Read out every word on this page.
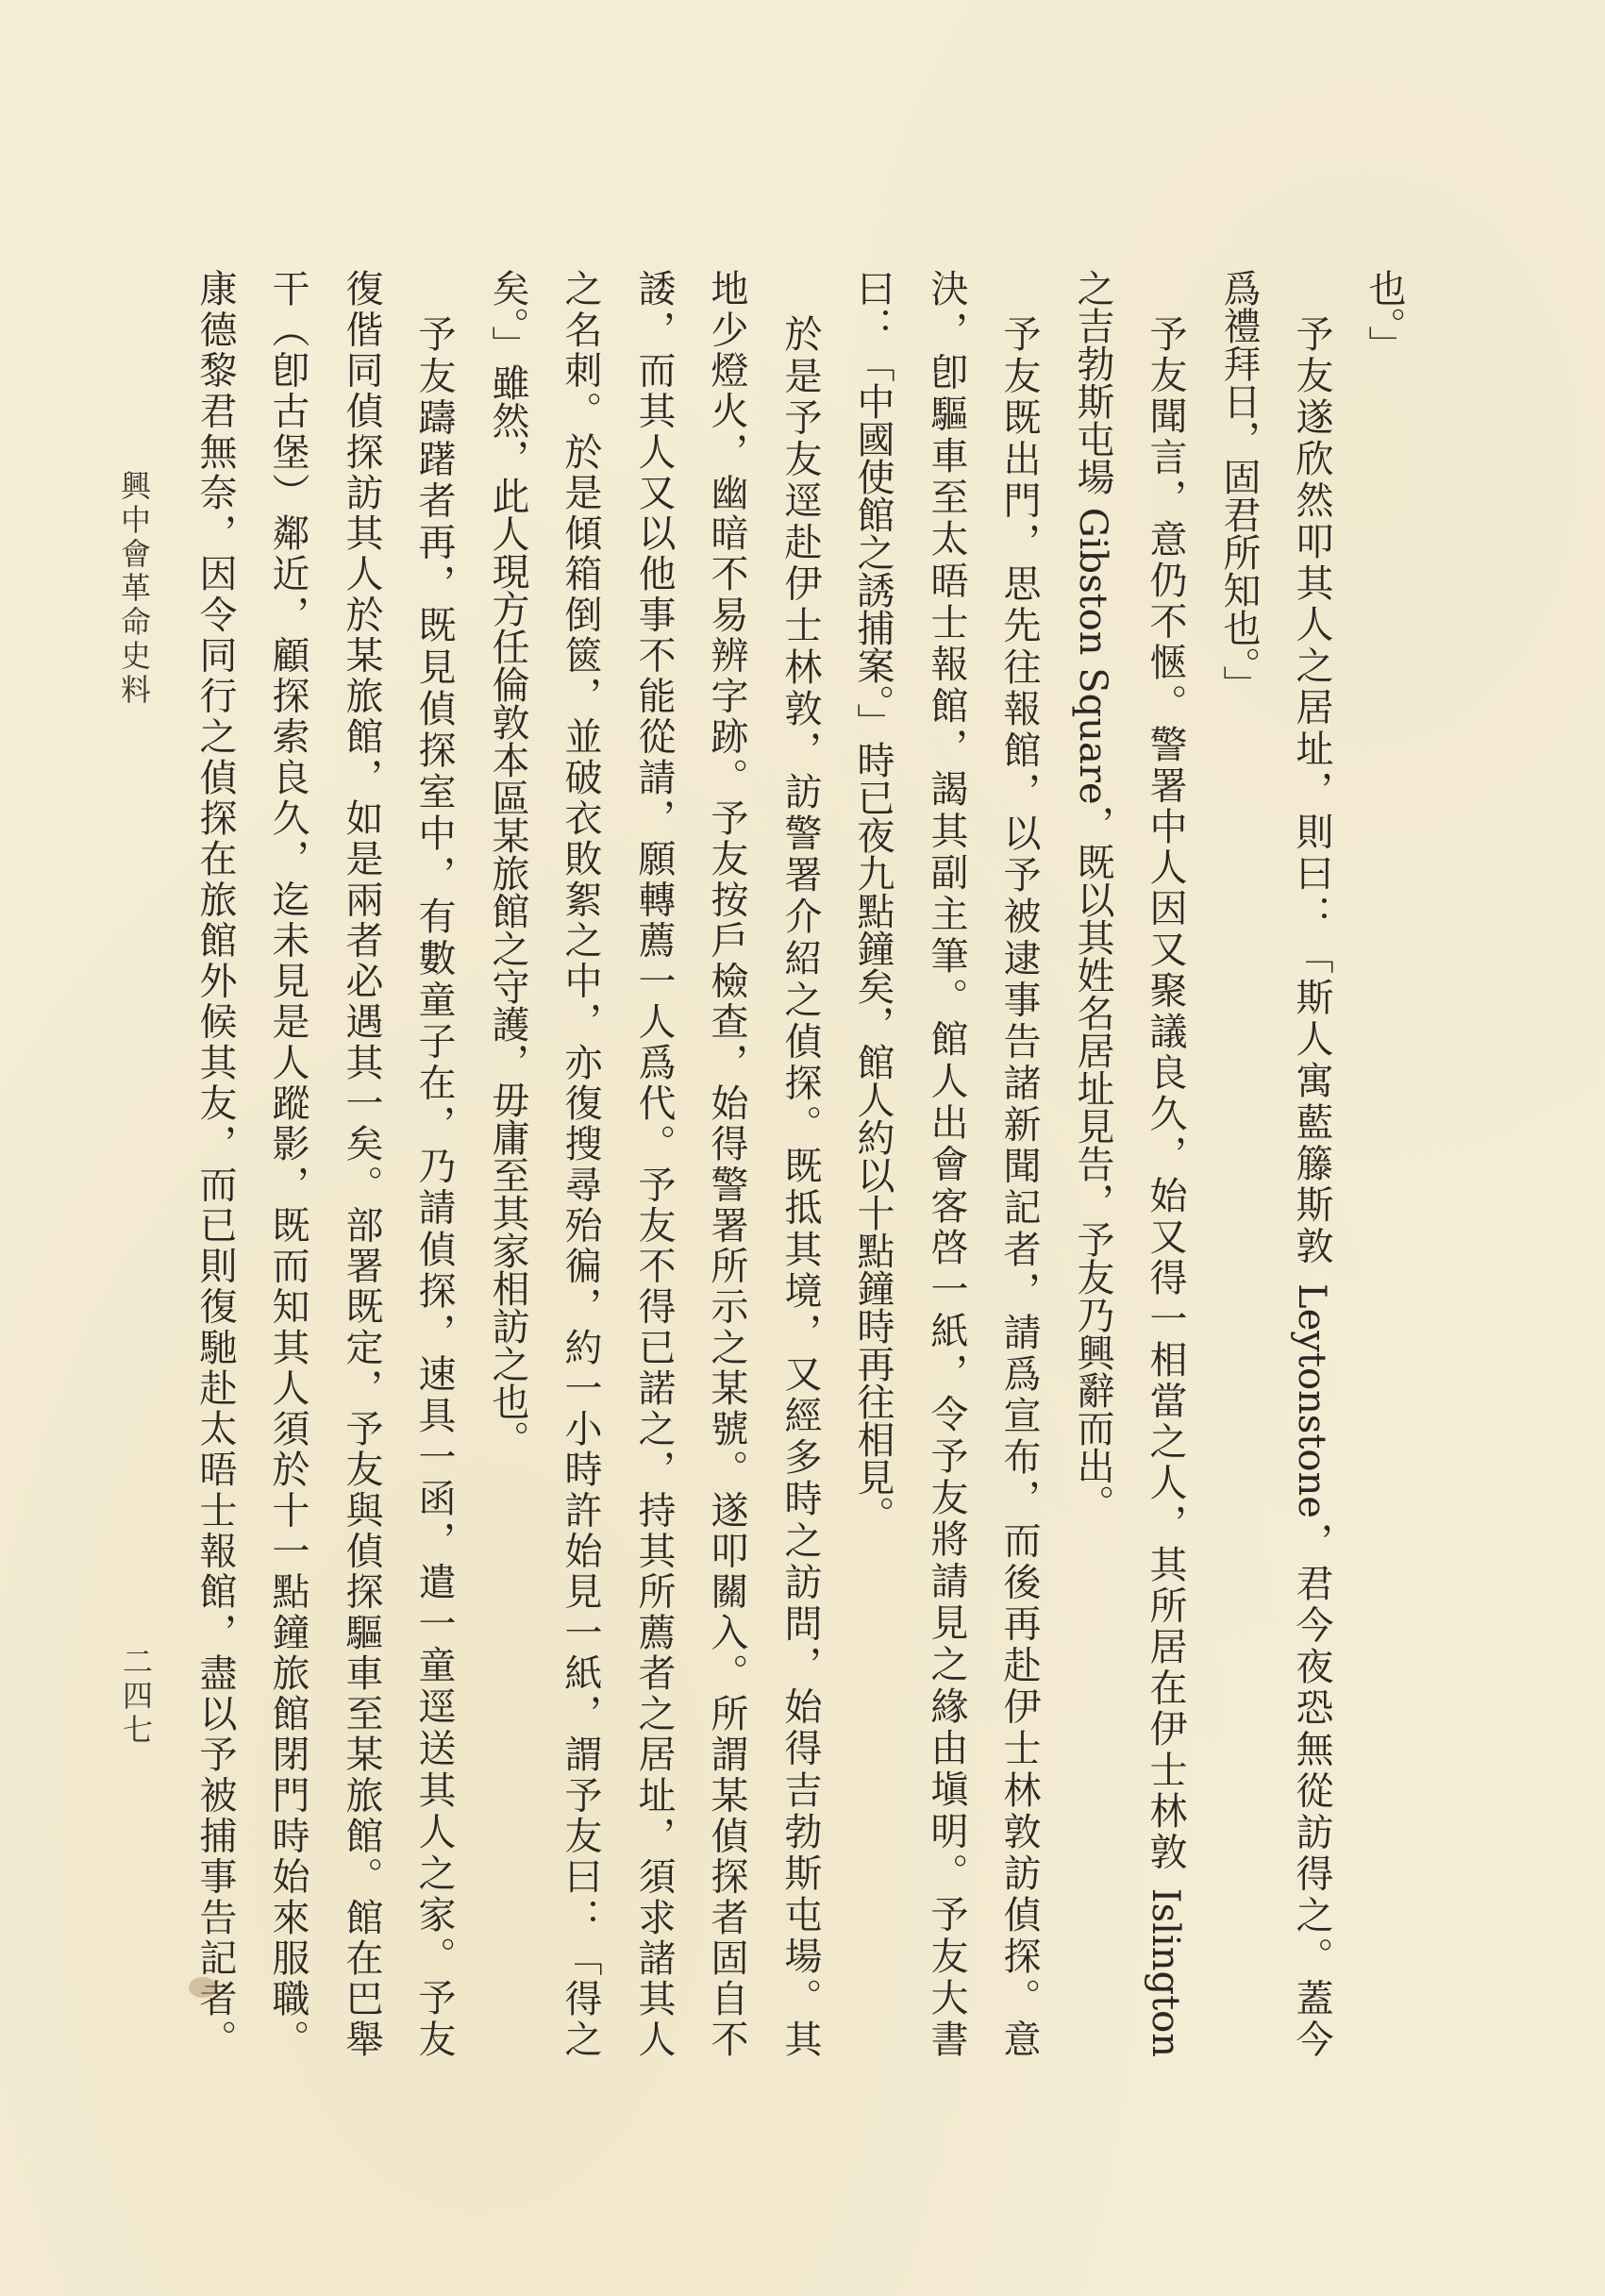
也。」
予友遂欣然叩其人之居址，則曰：「斯人寓藍籐斯敦 Leytonstone，君今夜恐無從訪得之。蓋今
爲禮拜日，固君所知也。」
予友聞言，意仍不愜。警署中人因又聚議良久，始又得一相當之人，其所居在伊士林敦 Islington
之吉勃斯屯場 Gibston Square，既以其姓名居址見告，予友乃興辭而出。
予友既出門，思先往報館，以予被逮事告諸新聞記者，請爲宣布，而後再赴伊士林敦訪偵探。意
決，卽驅車至太晤士報館，謁其副主筆。館人出會客啓一紙，令予友將請見之緣由塡明。予友大書
曰：「中國使館之誘捕案。」時已夜九點鐘矣，館人約以十點鐘時再往相見。
於是予友逕赴伊士林敦，訪警署介紹之偵探。既抵其境，又經多時之訪問，始得吉勃斯屯場。其
地少燈火，幽暗不易辨字跡。予友按戶檢查，始得警署所示之某號。遂叩關入。所謂某偵探者固自不
諉，而其人又以他事不能從請，願轉薦一人爲代。予友不得已諾之，持其所薦者之居址，須求諸其人
之名刺。於是傾箱倒篋，並破衣敗絮之中，亦復搜尋殆徧，約一小時許始見一紙，謂予友曰：「得之
矣。」雖然，此人現方任倫敦本區某旅館之守護，毋庸至其家相訪之也。
予友躊躇者再，既見偵探室中，有數童子在，乃請偵探，速具一函，遣一童逕送其人之家。予友
復偕同偵探訪其人於某旅館，如是兩者必遇其一矣。部署既定，予友與偵探驅車至某旅館。館在巴舉
干（卽古堡）鄰近，顧探索良久，迄未見是人蹤影，既而知其人須於十一點鐘旅館閉門時始來服職。
康德黎君無奈，因令同行之偵探在旅館外候其友，而已則復馳赴太晤士報館，盡以予被捕事告記者。
興中會革命史料
二四七
